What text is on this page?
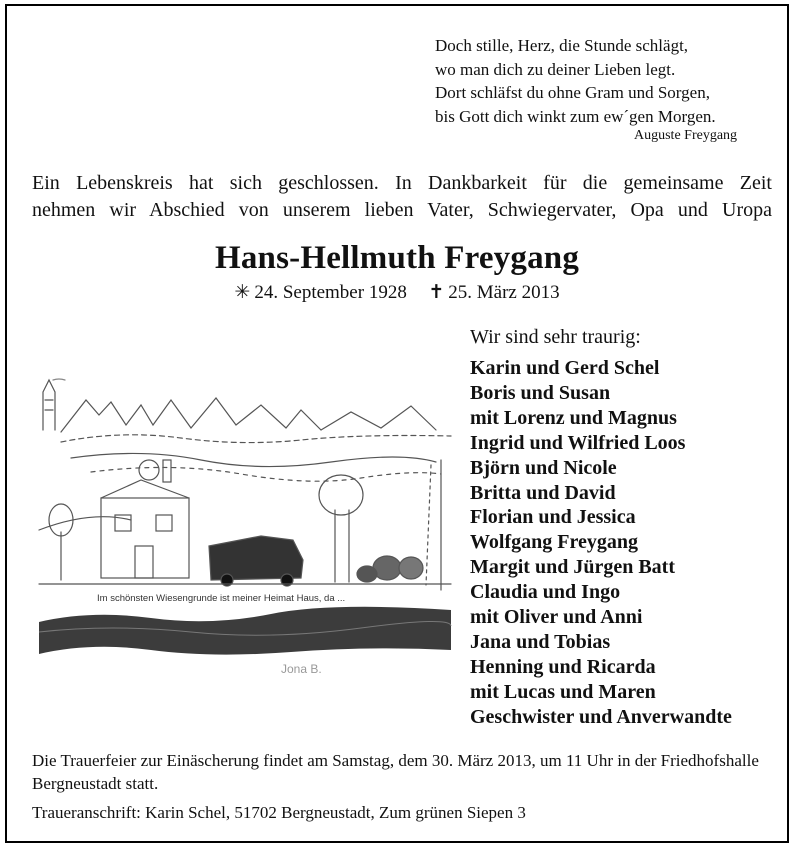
Doch stille, Herz, die Stunde schlägt,
wo man dich zu deiner Lieben legt.
Dort schläfst du ohne Gram und Sorgen,
bis Gott dich winkt zum ew´gen Morgen.
Auguste Freygang
Ein Lebenskreis hat sich geschlossen. In Dankbarkeit für die gemeinsame Zeit
nehmen wir Abschied von unserem lieben Vater, Schwiegervater, Opa und Uropa
Hans-Hellmuth Freygang
✳ 24. September 1928 ✝ 25. März 2013
Im schönsten Wiesengrunde ist meiner Heimat Haus, da ...
Jona B.
Wir sind sehr traurig:
Karin und Gerd Schel
Boris und Susan
mit Lorenz und Magnus
Ingrid und Wilfried Loos
Björn und Nicole
Britta und David
Florian und Jessica
Wolfgang Freygang
Margit und Jürgen Batt
Claudia und Ingo
mit Oliver und Anni
Jana und Tobias
Henning und Ricarda
mit Lucas und Maren
Geschwister und Anverwandte
Die Trauerfeier zur Einäscherung findet am Samstag, dem 30. März 2013, um 11 Uhr in der Friedhofshalle Bergneustadt statt.
Traueranschrift: Karin Schel, 51702 Bergneustadt, Zum grünen Siepen 3
